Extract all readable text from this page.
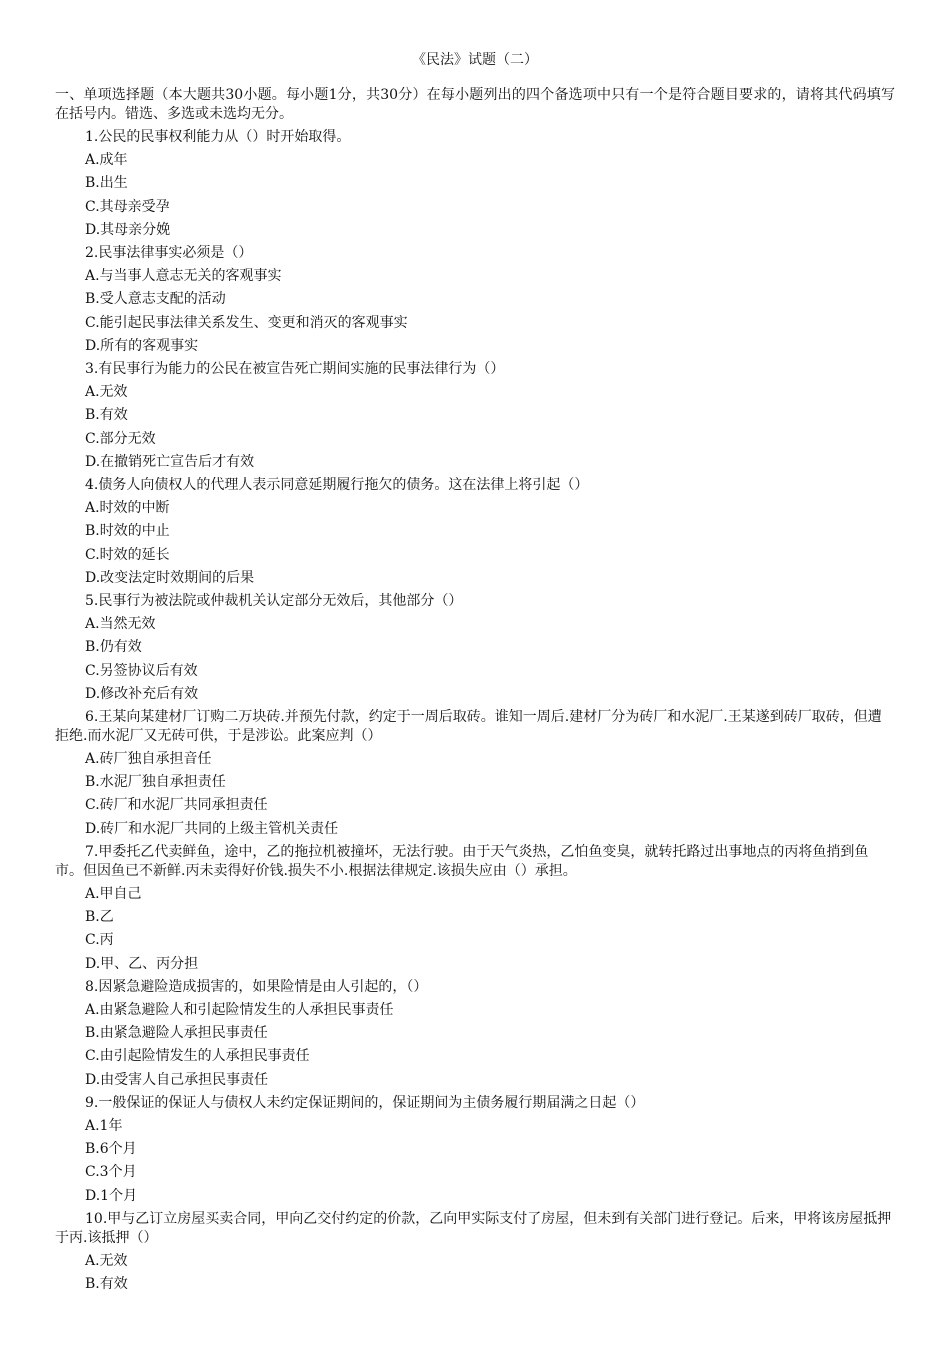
《民法》试题（二）
一、单项选择题（本大题共30小题。每小题1分，共30分）在每小题列出的四个备选项中只有一个是符合题目要求的，请将其代码填写在括号内。错选、多选或未选均无分。
1.公民的民事权利能力从（）时开始取得。
A.成年
B.出生
C.其母亲受孕
D.其母亲分娩
2.民事法律事实必须是（）
A.与当事人意志无关的客观事实
B.受人意志支配的活动
C.能引起民事法律关系发生、变更和消灭的客观事实
D.所有的客观事实
3.有民事行为能力的公民在被宣告死亡期间实施的民事法律行为（）
A.无效
B.有效
C.部分无效
D.在撤销死亡宣告后才有效
4.债务人向债权人的代理人表示同意延期履行拖欠的债务。这在法律上将引起（）
A.时效的中断
B.时效的中止
C.时效的延长
D.改变法定时效期间的后果
5.民事行为被法院或仲裁机关认定部分无效后，其他部分（）
A.当然无效
B.仍有效
C.另签协议后有效
D.修改补充后有效
6.王某向某建材厂订购二万块砖.并预先付款，约定于一周后取砖。谁知一周后.建材厂分为砖厂和水泥厂.王某遂到砖厂取砖，但遭拒绝.而水泥厂又无砖可供，于是涉讼。此案应判（）
A.砖厂独自承担音任
B.水泥厂独自承担责任
C.砖厂和水泥厂共同承担责任
D.砖厂和水泥厂共同的上级主管机关责任
7.甲委托乙代卖鲜鱼，途中，乙的拖拉机被撞坏，无法行驶。由于天气炎热，乙怕鱼变臭，就转托路过出事地点的丙将鱼捎到鱼市。但因鱼已不新鲜.丙未卖得好价钱.损失不小.根据法律规定.该损失应由（）承担。
A.甲自己
B.乙
C.丙
D.甲、乙、丙分担
8.因紧急避险造成损害的，如果险情是由人引起的，（）
A.由紧急避险人和引起险情发生的人承担民事责任
B.由紧急避险人承担民事责任
C.由引起险情发生的人承担民事责任
D.由受害人自己承担民事责任
9.一般保证的保证人与债权人未约定保证期间的，保证期间为主债务履行期届满之日起（）
A.1年
B.6个月
C.3个月
D.1个月
10.甲与乙订立房屋买卖合同，甲向乙交付约定的价款，乙向甲实际支付了房屋，但未到有关部门进行登记。后来，甲将该房屋抵押于丙.该抵押（）
A.无效
B.有效
